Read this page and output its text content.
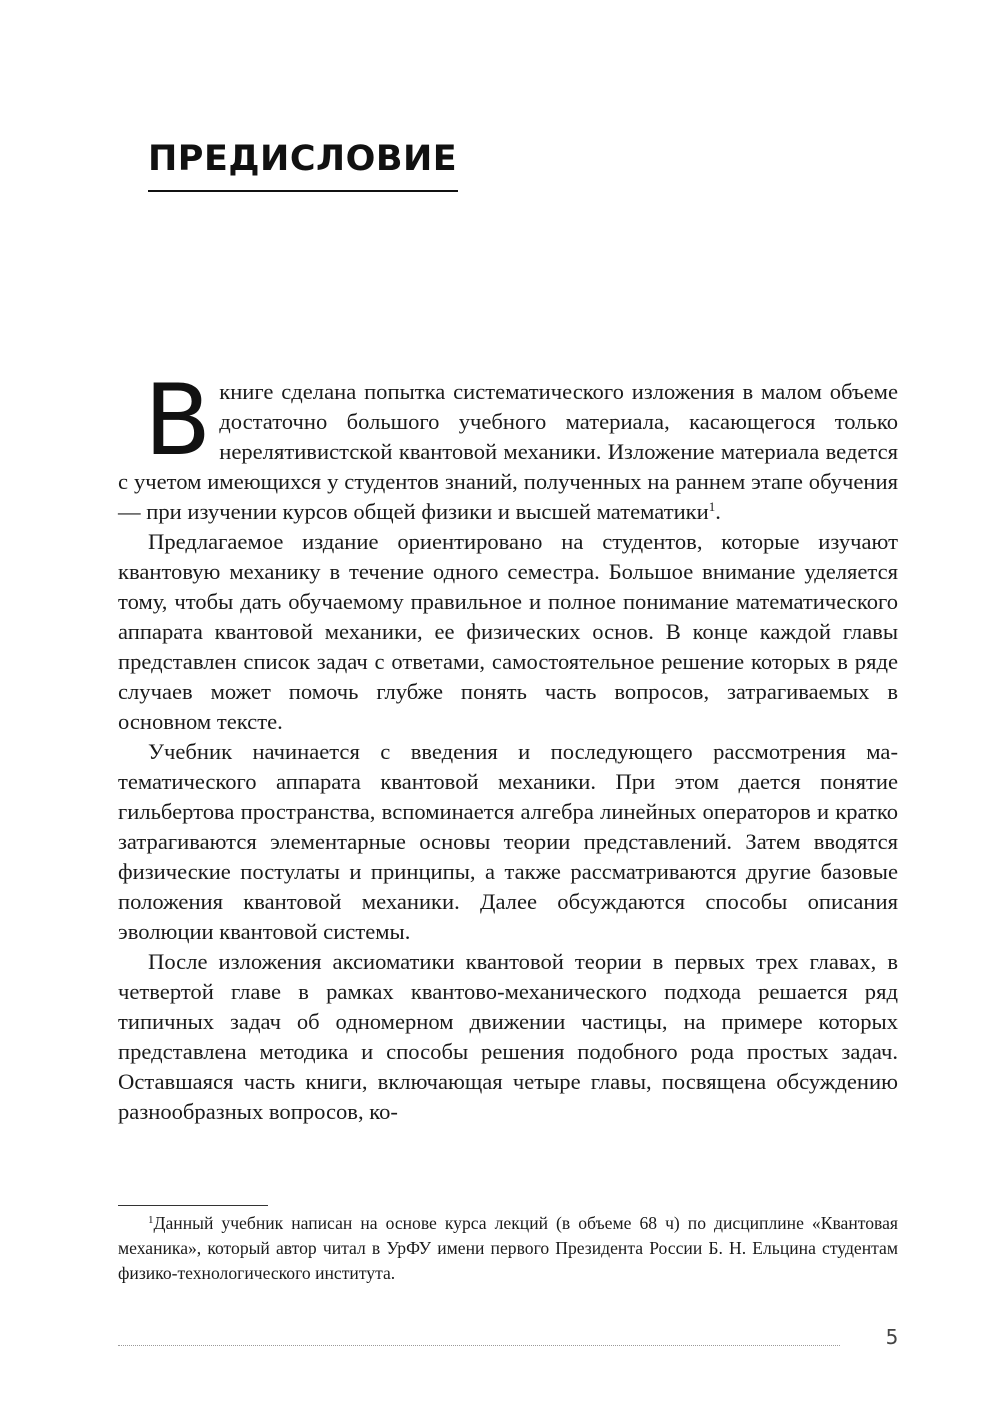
ПРЕДИСЛОВИЕ

В книге сделана попытка систематического изложения в малом объеме достаточно большого учебного материала, касающегося только нерелятивистской квантовой механики. Изложение материала ведется с учетом имеющихся у студентов знаний, полученных на раннем этапе обучения — при изучении курсов общей физики и высшей математики$^1$.

Предлагаемое издание ориентировано на студентов, которые изучают квантовую механику в течение одного семестра. Большое внимание уделяется тому, чтобы дать обучаемому правильное и полное понимание математического аппарата квантовой механики, ее физических основ. В конце каждой главы представлен список задач с ответами, самостоятельное решение которых в ряде случаев может помочь глубже понять часть вопросов, затрагиваемых в основном тексте.

Учебник начинается с введения и последующего рассмотрения математического аппарата квантовой механики. При этом дается понятие гильбертова пространства, вспоминается алгебра линейных операторов и кратко затрагиваются элементарные основы теории представлений. Затем вводятся физические постулаты и принципы, а также рассматриваются другие базовые положения квантовой механики. Далее обсуждаются способы описания эволюции квантовой системы.

После изложения аксиоматики квантовой теории в первых трех главах, в четвертой главе в рамках квантово-механического подхода решается ряд типичных задач об одномерном движении частицы, на примере которых представлена методика и способы решения подобного рода простых задач. Оставшаяся часть книги, включающая четыре главы, посвящена обсуждению разнообразных вопросов, ко-

$^1$Данный учебник написан на основе курса лекций (в объеме 68 ч) по дисциплине «Квантовая механика», который автор читал в УрФУ имени первого Президента России Б. Н. Ельцина студентам физико-технологического института.

5
